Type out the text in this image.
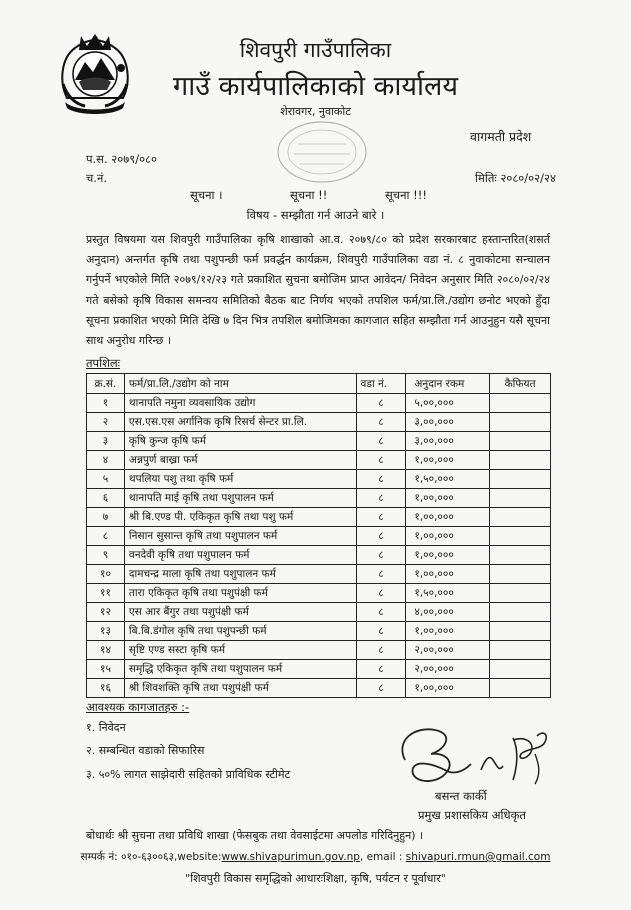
शिवपुरी गाउँपालिका
गाउँ कार्यपालिकाको कार्यालय
शेरावगर, नुवाकोट
वागमती प्रदेश
प.स. २०७९/०८०
च.नं.	मितिः २०८०/०२/२४
सूचना ।	सूचना !!	सूचना !!!
विषय - सम्झौता गर्न आउने बारे ।
प्रस्तुत विषयमा यस शिवपुरी गाउँपालिका कृषि शाखाको आ.व. २०७९/८० को प्रदेश सरकारबाट हस्तान्तरित(शसर्त अनुदान) अन्तर्गत कृषि तथा पशुपन्छी फर्म प्रवर्द्धन कार्यक्रम, शिवपुरी गाउँपालिका वडा नं. ८ नुवाकोटमा सन्चालन गर्नुपर्ने भएकोले मिति २०७९/१२/२३ गते प्रकाशित सुचना बमोजिम प्राप्त आवेदन/ निवेदन अनुसार मिति २०८०/०२/२४ गते बसेको कृषि विकास समन्वय समितिको बैठक बाट निर्णय भएको तपशिल फर्म/प्रा.लि./उद्योग छनोट भएको हुँदा सूचना प्रकाशित भएको मिति देखि ७ दिन भित्र तपशिल बमोजिमका कागजात सहित सम्झौता गर्न आउनुहुन यसै सूचना साथ अनुरोध गरिन्छ ।
तपशिलः
क्र.सं.	फर्म/प्रा.लि./उद्योग को नाम	वडा नं.	अनुदान रकम	कैफियत
१	थानापति नमुना व्यवसायिक उद्योग	८	५,००,०००	
२	एस.एस.एस अर्गानिक कृषि रिसर्च सेन्टर प्रा.लि.	८	३,००,०००	
३	कृषि कुन्ज कृषि फर्म	८	३,००,०००	
४	अन्नपुर्ण बाख्रा फर्म	८	१,००,०००	
५	थपलिया पशु तथा कृषि फर्म	८	१,५०,०००	
६	थानापति माई कृषि तथा पशुपालन फर्म	८	१,००,०००	
७	श्री बि.एण्ड पी. एकिकृत कृषि तथा पशु फर्म	८	१,००,०००	
८	निसान सुसान्त कृषि तथा पशुपालन फर्म	८	१,००,०००	
९	वनदेवी कृषि तथा पशुपालन फर्म	८	१,००,०००	
१०	दामचन्द्र माला कृषि तथा पशुपालन फर्म	८	१,००,०००	
११	तारा एकिकृत कृषि तथा पशुपंक्षी फर्म	८	१,५०,०००	
१२	एस आर बैंगुर तथा पशुपंक्षी फर्म	८	४,००,०००	
१३	बि.बि.डंगोल कृषि तथा पशुपन्छी फर्म	८	१,००,०००	
१४	सृष्टि एण्ड सस्टा कृषि फर्म	८	२,००,०००	
१५	समृद्धि एकिकृत कृषि तथा पशुपालन फर्म	८	२,००,०००	
१६	श्री शिवशक्ति कृषि तथा पशुपंक्षी फर्म	८	१,००,०००	
आवश्यक कागजातहरु :-
१. निवेदन
२. सम्बन्धित वडाको सिफारिस
३. ५०% लागत साझेदारी सहितको प्राविधिक स्टीमेट
बसन्त कार्की
प्रमुख प्रशासकिय अधिकृत
बोधार्थः श्री सुचना तथा प्रविधि शाखा (फेसबुक तथा वेवसाईटमा अपलोड गरिदिनुहुन) ।
सम्पर्क नं: ०१०-६३००६३,website:www.shivapurimun.gov.np, email : shivapuri.rmun@gmail.com
"शिवपुरी विकास समृद्धिको आधारःशिक्षा, कृषि, पर्यटन र पूर्वाधार"
